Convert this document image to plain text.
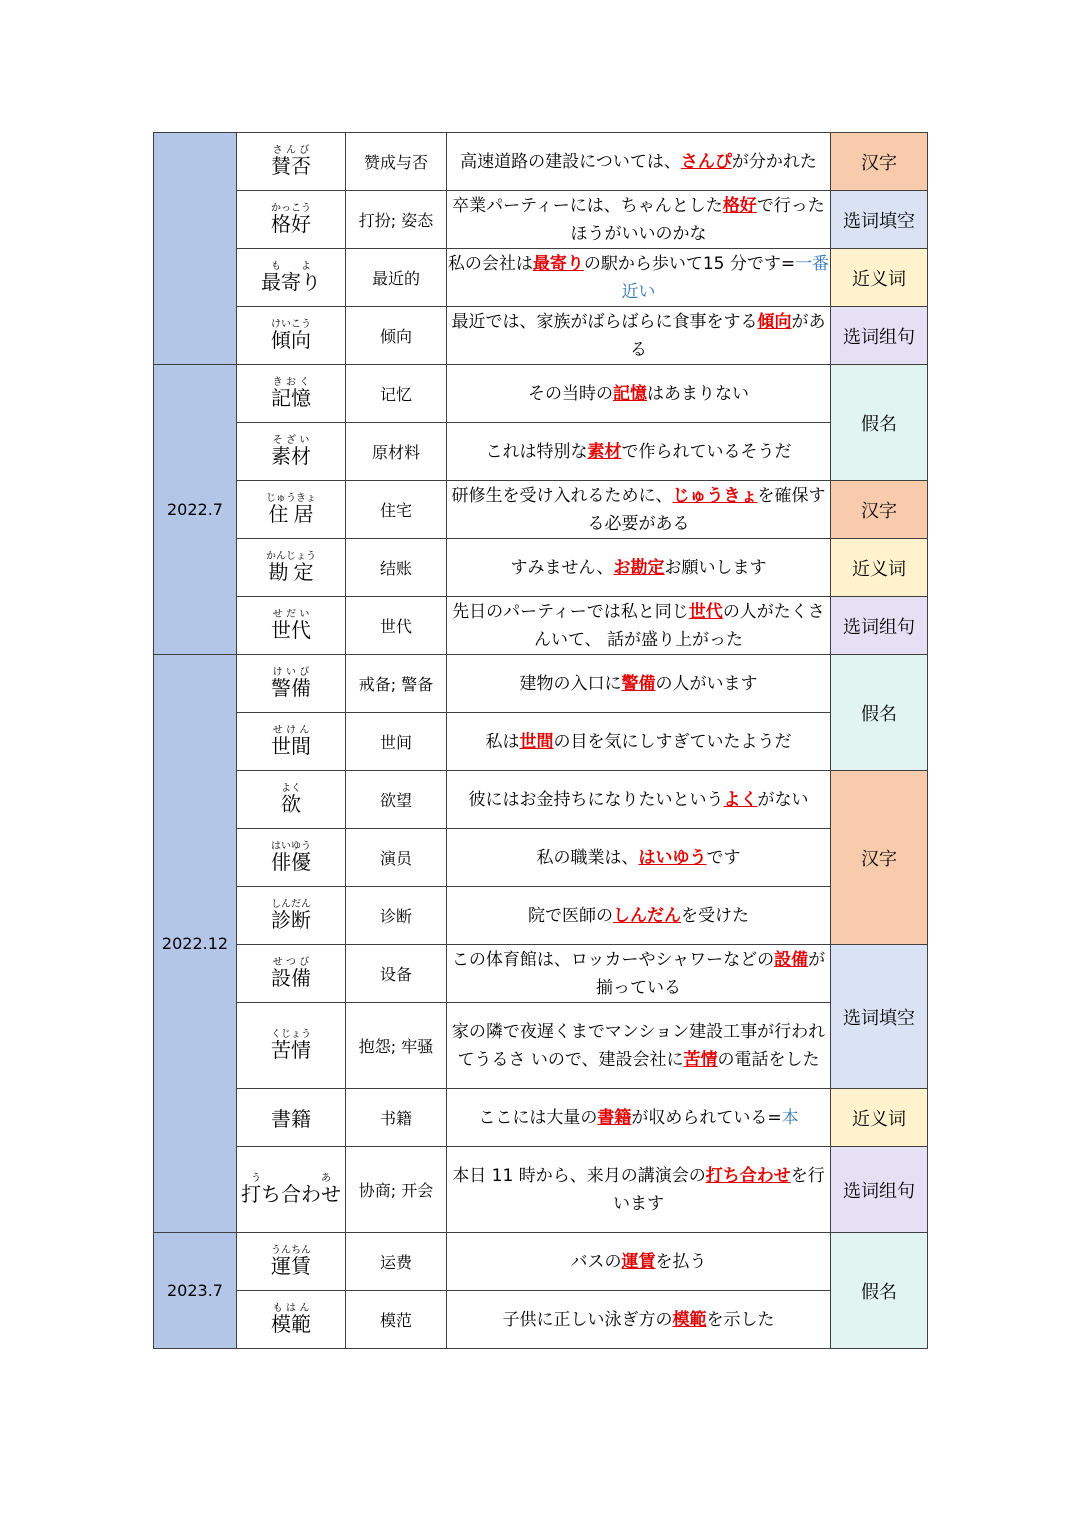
	賛否さんび	赞成与否	高速道路の建設については、さんぴが分かれた	汉字
	格好かっこう	打扮; 姿态	卒業パーティーには、ちゃんとした格好で行ったほうがいいのかな	选词填空
	最寄りもよ	最近的	私の会社は最寄りの駅から歩いて15 分です=一番近い	近义词
	傾向けいこう	倾向	最近では、家族がばらばらに食事をする傾向がある	选词组句
2022.7	記憶きおく	记忆	その当時の記憶はあまりない	假名
	素材そざい	原材料	これは特別な素材で作られているそうだ	
	住居じゅうきょ	住宅	研修生を受け入れるために、じゅうきょを確保する必要がある	汉字
	勘定かんじょう	结账	すみません、お勘定お願いします	近义词
	世代せだい	世代	先日のパーティーでは私と同じ世代の人がたくさんいて、 話が盛り上がった	选词组句
2022.12	警備けいび	戒备; 警备	建物の入口に警備の人がいます	假名
	世間せけん	世间	私は世間の目を気にしすぎていたようだ	
	欲よく	欲望	彼にはお金持ちになりたいというよくがない	汉字
	俳優はいゆう	演员	私の職業は、はいゆうです	
	診断しんだん	诊断	院で医師のしんだんを受けた	
	設備せつび	设备	この体育館は、ロッカーやシャワーなどの設備が揃っている	选词填空
	苦情くじょう	抱怨; 牢骚	家の隣で夜遅くまでマンション建設工事が行われてうるさ いので、建設会社に苦情の電話をした	
	書籍	书籍	ここには大量の書籍が収められている=本	近义词
	打ち合わせうあ	协商; 开会	本日 11 時から、来月の講演会の打ち合わせを行います	选词组句
2023.7	運賃うんちん	运费	バスの運賃を払う	假名
	模範もはん	模范	子供に正しい泳ぎ方の模範を示した	
